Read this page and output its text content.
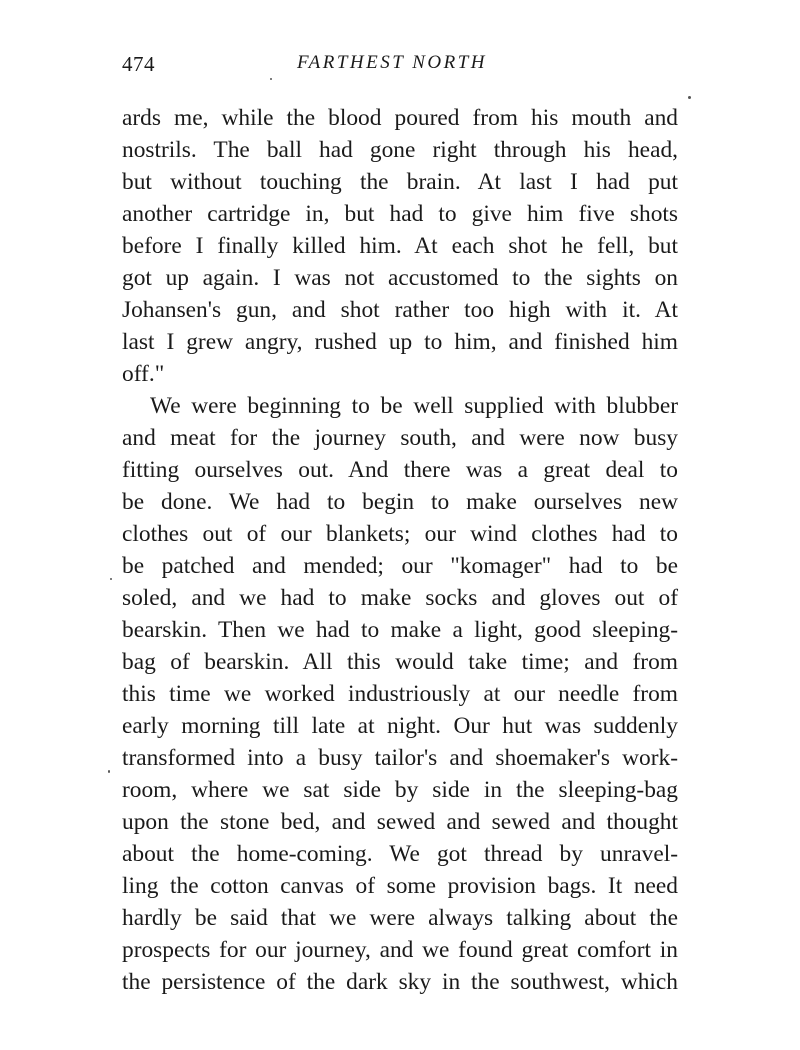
474	FARTHEST NORTH
ards me, while the blood poured from his mouth and
nostrils. The ball had gone right through his head,
but without touching the brain. At last I had put
another cartridge in, but had to give him five shots
before I finally killed him. At each shot he fell, but
got up again. I was not accustomed to the sights on
Johansen's gun, and shot rather too high with it. At
last I grew angry, rushed up to him, and finished him
off."
We were beginning to be well supplied with blubber
and meat for the journey south, and were now busy
fitting ourselves out. And there was a great deal to
be done. We had to begin to make ourselves new
clothes out of our blankets; our wind clothes had to
be patched and mended; our "komager" had to be
soled, and we had to make socks and gloves out of
bearskin. Then we had to make a light, good sleeping-
bag of bearskin. All this would take time; and from
this time we worked industriously at our needle from
early morning till late at night. Our hut was suddenly
transformed into a busy tailor's and shoemaker's work-
room, where we sat side by side in the sleeping-bag
upon the stone bed, and sewed and sewed and thought
about the home-coming. We got thread by unravel-
ling the cotton canvas of some provision bags. It need
hardly be said that we were always talking about the
prospects for our journey, and we found great comfort in
the persistence of the dark sky in the southwest, which
